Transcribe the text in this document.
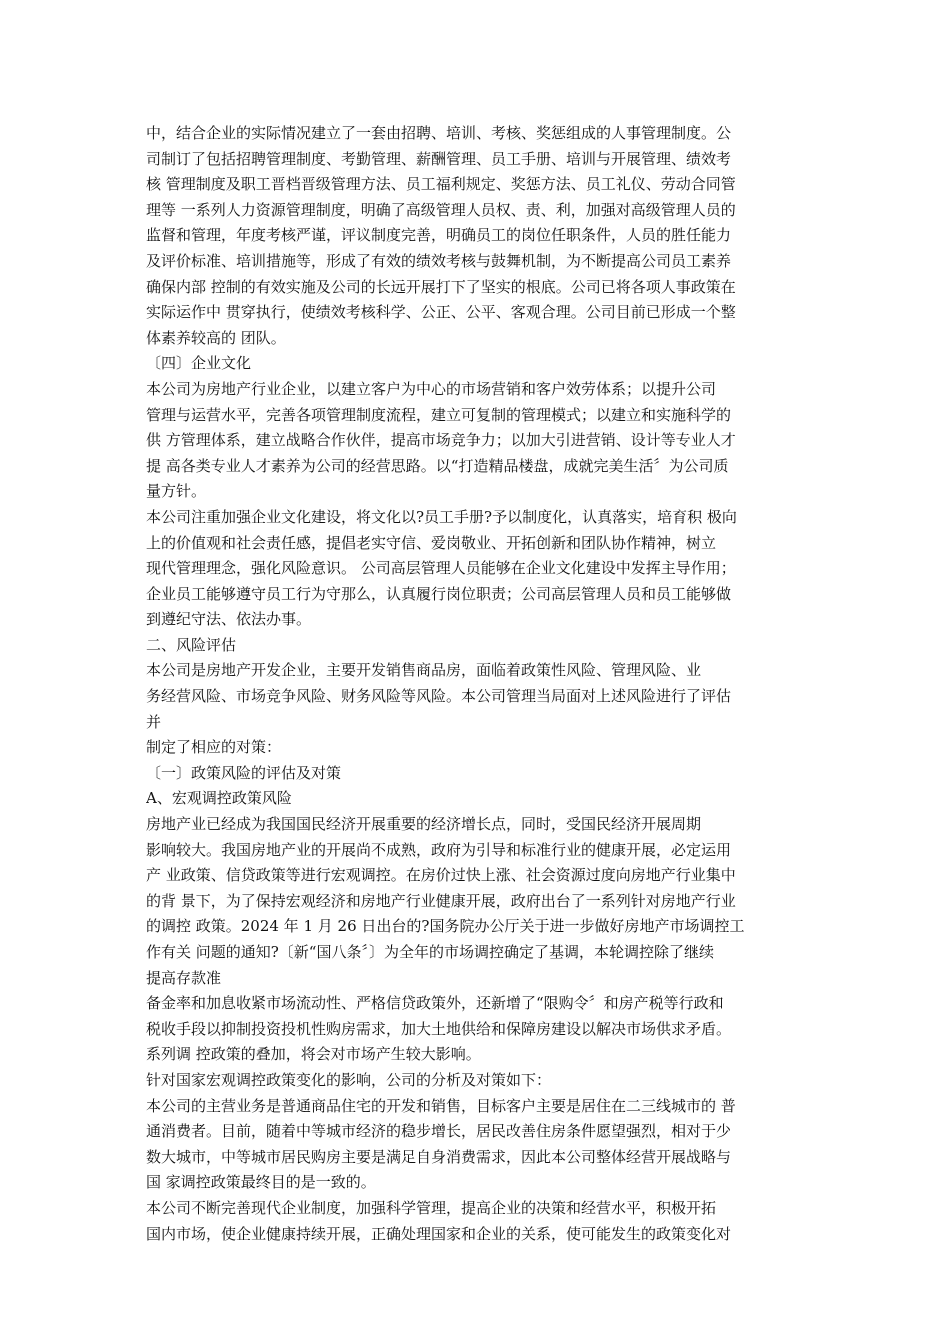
中，结合企业的实际情况建立了一套由招聘、培训、考核、奖惩组成的人事管理制度。公
司制订了包括招聘管理制度、考勤管理、薪酬管理、员工手册、培训与开展管理、绩效考
核 管理制度及职工晋档晋级管理方法、员工福利规定、奖惩方法、员工礼仪、劳动合同管
理等 一系列人力资源管理制度，明确了高级管理人员权、责、利，加强对高级管理人员的
监督和管理，年度考核严谨，评议制度完善，明确员工的岗位任职条件，人员的胜任能力
及评价标准、培训措施等，形成了有效的绩效考核与鼓舞机制，为不断提高公司员工素养
确保内部 控制的有效实施及公司的长远开展打下了坚实的根底。公司已将各项人事政策在
实际运作中 贯穿执行，使绩效考核科学、公正、公平、客观合理。公司目前已形成一个整
体素养较高的 团队。
〔四〕企业文化
本公司为房地产行业企业，以建立客户为中心的市场营销和客户效劳体系；以提升公司
管理与运营水平，完善各项管理制度流程，建立可复制的管理模式；以建立和实施科学的
供 方管理体系，建立战略合作伙伴，提高市场竞争力；以加大引进营销、设计等专业人才
提 高各类专业人才素养为公司的经营思路。以“打造精品楼盘，成就完美生活〞为公司质
量方针。
本公司注重加强企业文化建设，将文化以?员工手册?予以制度化，认真落实，培育积 极向
上的价值观和社会责任感，提倡老实守信、爱岗敬业、开拓创新和团队协作精神，树立
现代管理理念，强化风险意识。 公司高层管理人员能够在企业文化建设中发挥主导作用；
企业员工能够遵守员工行为守那么，认真履行岗位职责；公司高层管理人员和员工能够做
到遵纪守法、依法办事。
二、风险评估
本公司是房地产开发企业，主要开发销售商品房，面临着政策性风险、管理风险、业
务经营风险、市场竞争风险、财务风险等风险。本公司管理当局面对上述风险进行了评估
并
制定了相应的对策：
〔一〕政策风险的评估及对策
A、宏观调控政策风险
房地产业已经成为我国国民经济开展重要的经济增长点，同时，受国民经济开展周期
影响较大。我国房地产业的开展尚不成熟，政府为引导和标准行业的健康开展，必定运用
产 业政策、信贷政策等进行宏观调控。在房价过快上涨、社会资源过度向房地产行业集中
的背 景下，为了保持宏观经济和房地产行业健康开展，政府出台了一系列针对房地产行业
的调控 政策。2024 年 1 月 26 日出台的?国务院办公厅关于进一步做好房地产市场调控工
作有关 问题的通知?〔新“国八条〞〕为全年的市场调控确定了基调，本轮调控除了继续
提高存款准
备金率和加息收紧市场流动性、严格信贷政策外，还新增了“限购令〞和房产税等行政和
税收手段以抑制投资投机性购房需求，加大土地供给和保障房建设以解决市场供求矛盾。
系列调 控政策的叠加，将会对市场产生较大影响。
针对国家宏观调控政策变化的影响，公司的分析及对策如下：
本公司的主营业务是普通商品住宅的开发和销售，目标客户主要是居住在二三线城市的 普
通消费者。目前，随着中等城市经济的稳步增长，居民改善住房条件愿望强烈，相对于少
数大城市，中等城市居民购房主要是满足自身消费需求，因此本公司整体经营开展战略与
国 家调控政策最终目的是一致的。
本公司不断完善现代企业制度，加强科学管理，提高企业的决策和经营水平，积极开拓
国内市场，使企业健康持续开展，正确处理国家和企业的关系，使可能发生的政策变化对
